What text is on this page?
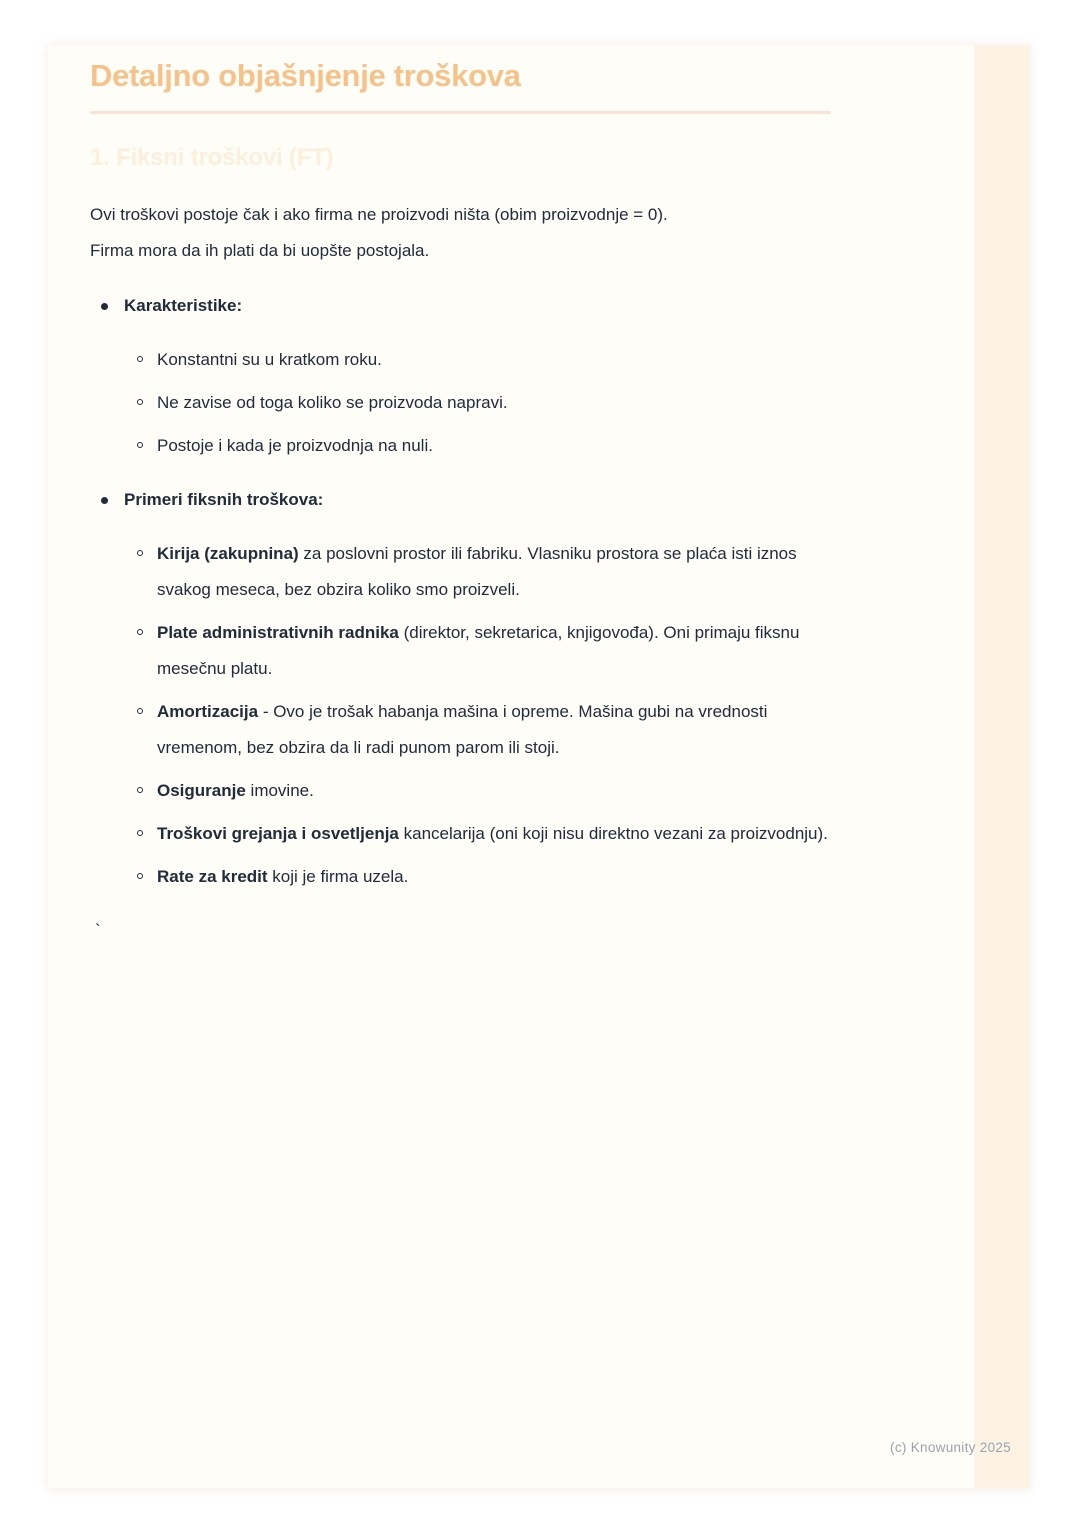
Detaljno objašnjenje troškova
1. Fiksni troškovi (FT)

Ovi troškovi postoje čak i ako firma ne proizvodi ništa (obim proizvodnje = 0).
Firma mora da ih plati da bi uopšte postojala.

Karakteristike:
Konstantni su u kratkom roku.
Ne zavise od toga koliko se proizvoda napravi.
Postoje i kada je proizvodnja na nuli.
Primeri fiksnih troškova:
Kirija (zakupnina) za poslovni prostor ili fabriku. Vlasniku prostora se plaća isti iznos svakog meseca, bez obzira koliko smo proizveli.
Plate administrativnih radnika (direktor, sekretarica, knjigovođa). Oni primaju fiksnu mesečnu platu.
Amortizacija - Ovo je trošak habanja mašina i opreme. Mašina gubi na vrednosti vremenom, bez obzira da li radi punom parom ili stoji.
Osiguranje imovine.
Troškovi grejanja i osvetljenja kancelarija (oni koji nisu direktno vezani za proizvodnju).
Rate za kredit koji je firma uzela.

`

(c) Knowunity 2025
